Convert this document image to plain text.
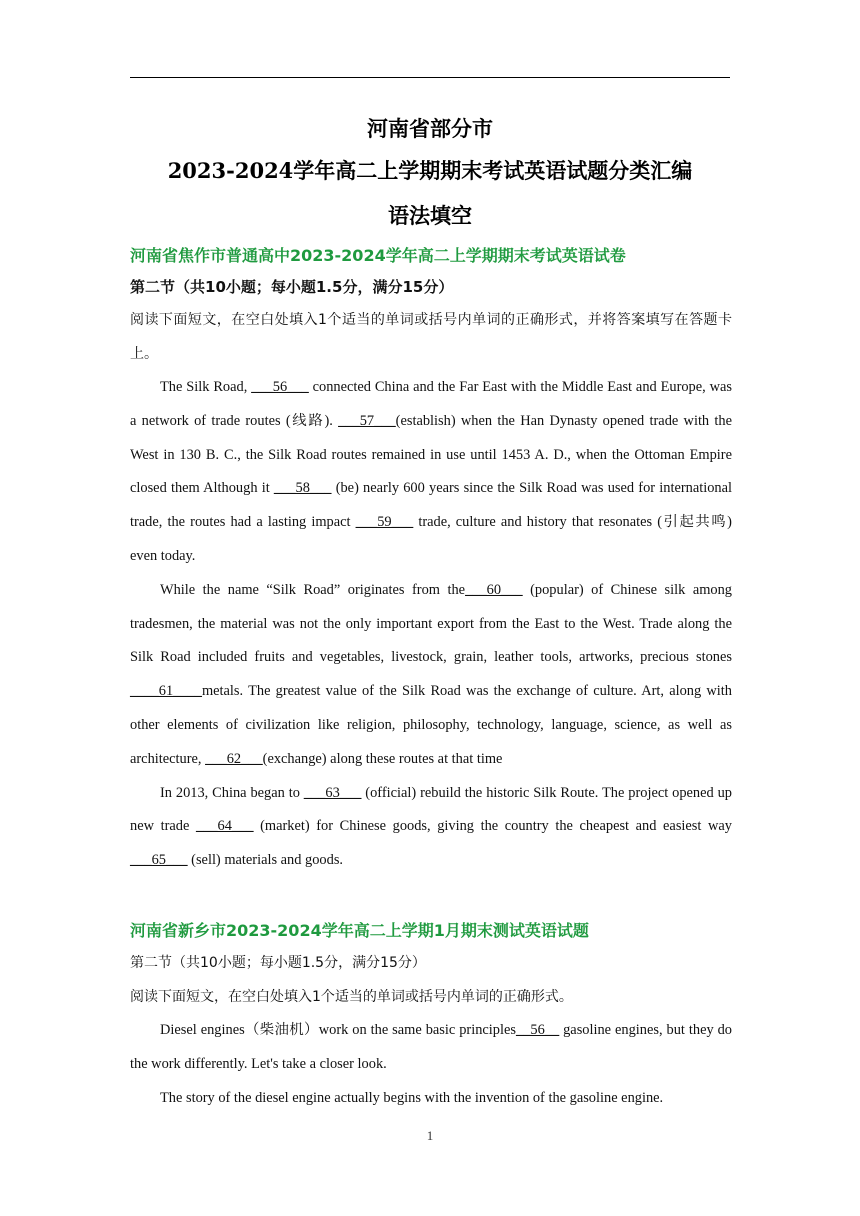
河南省部分市
2023-2024学年高二上学期期末考试英语试题分类汇编
语法填空
河南省焦作市普通高中2023-2024学年高二上学期期末考试英语试卷
第二节（共10小题；每小题1.5分，满分15分）
阅读下面短文，在空白处填入1个适当的单词或括号内单词的正确形式，并将答案填写在答题卡上。

The Silk Road, ___56___ connected China and the Far East with the Middle East and Europe, was a network of trade routes (线路). ___57___(establish) when the Han Dynasty opened trade with the West in 130 B. C., the Silk Road routes remained in use until 1453 A. D., when the Ottoman Empire closed them Although it ___58___ (be) nearly 600 years since the Silk Road was used for international trade, the routes had a lasting impact ___59___ trade, culture and history that resonates (引起共鸣) even today.

While the name “Silk Road” originates from the___60___ (popular) of Chinese silk among tradesmen, the material was not the only important export from the East to the West. Trade along the Silk Road included fruits and vegetables, livestock, grain, leather tools, artworks, precious stones ____61____metals. The greatest value of the Silk Road was the exchange of culture. Art, along with other elements of civilization like religion, philosophy, technology, language, science, as well as architecture, ___62___(exchange) along these routes at that time

In 2013, China began to ___63___ (official) rebuild the historic Silk Route. The project opened up new trade ___64___ (market) for Chinese goods, giving the country the cheapest and easiest way ___65___ (sell) materials and goods.

河南省新乡市2023-2024学年高二上学期1月期末测试英语试题
第二节（共10小题；每小题1.5分，满分15分）
阅读下面短文，在空白处填入1个适当的单词或括号内单词的正确形式。

Diesel engines（柴油机）work on the same basic principles__56__ gasoline engines, but they do the work differently. Let's take a closer look.

The story of the diesel engine actually begins with the invention of the gasoline engine.

1
